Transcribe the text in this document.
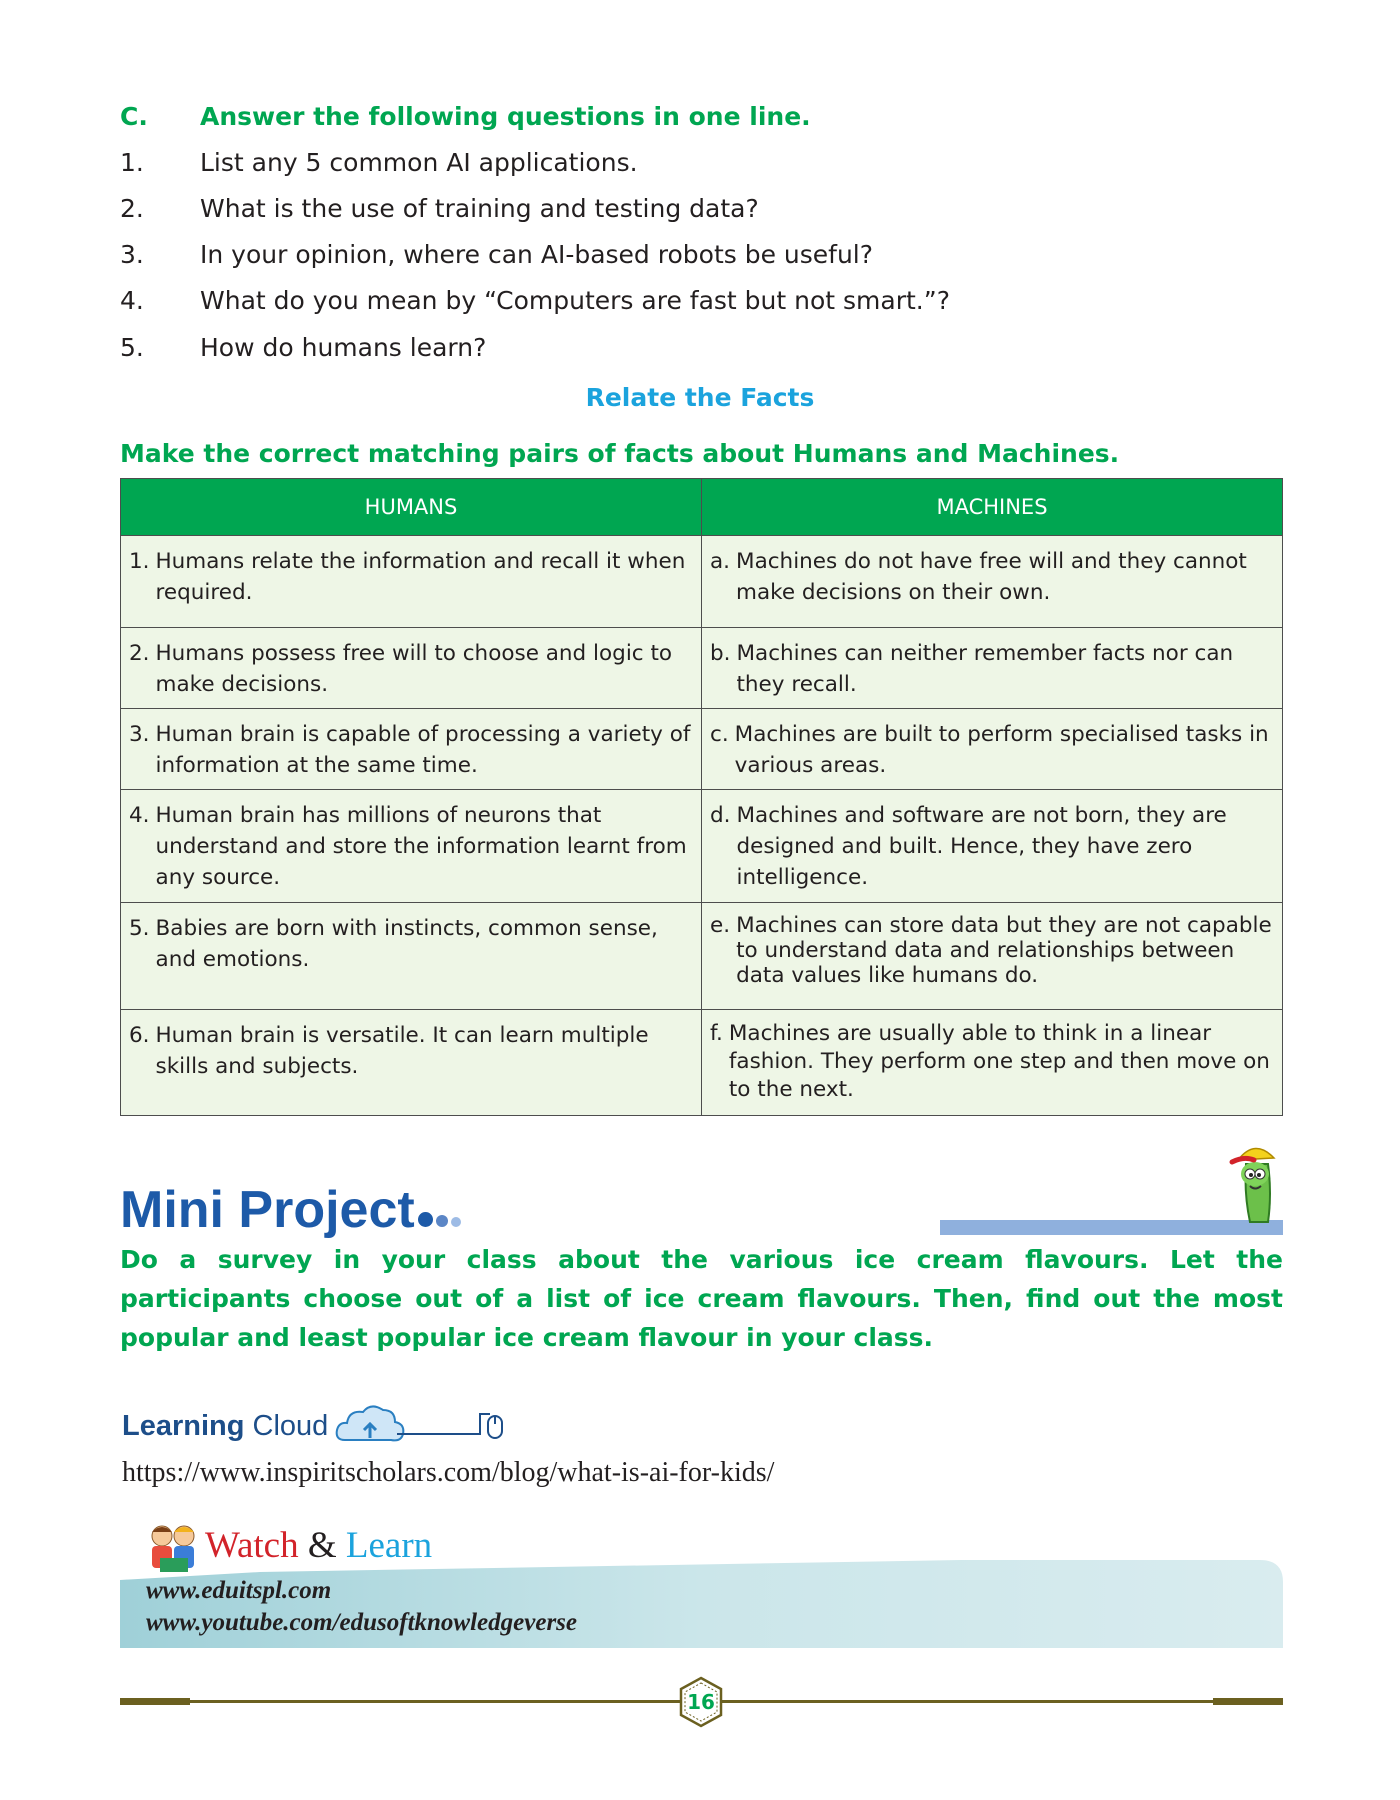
C. Answer the following questions in one line.
1. List any 5 common AI applications.
2. What is the use of training and testing data?
3. In your opinion, where can AI-based robots be useful?
4. What do you mean by “Computers are fast but not smart.”?
5. How do humans learn?
Relate the Facts
Make the correct matching pairs of facts about Humans and Machines.
HUMANS	MACHINES

1. Humans relate the information and recall it when required.	a. Machines do not have free will and they cannot make decisions on their own.

2. Humans possess free will to choose and logic to make decisions.	b. Machines can neither remember facts nor can they recall.

3. Human brain is capable of processing a variety of information at the same time.	c. Machines are built to perform specialised tasks in various areas.

4. Human brain has millions of neurons that understand and store the information learnt from any source.	d. Machines and software are not born, they are designed and built. Hence, they have zero intelligence.

5. Babies are born with instincts, common sense, and emotions.	e. Machines can store data but they are not capable to understand data and relationships between data values like humans do.

6. Human brain is versatile. It can learn multiple skills and subjects.	f. Machines are usually able to think in a linear fashion. They perform one step and then move on to the next.
Mini Project
Do a survey in your class about the various ice cream flavours. Let the participants choose out of a list of ice cream flavours. Then, find out the most popular and least popular ice cream flavour in your class.
Learning Cloud
https://www.inspiritscholars.com/blog/what-is-ai-for-kids/
Watch & Learn
www.eduitspl.com
www.youtube.com/edusoftknowledgeverse
16
